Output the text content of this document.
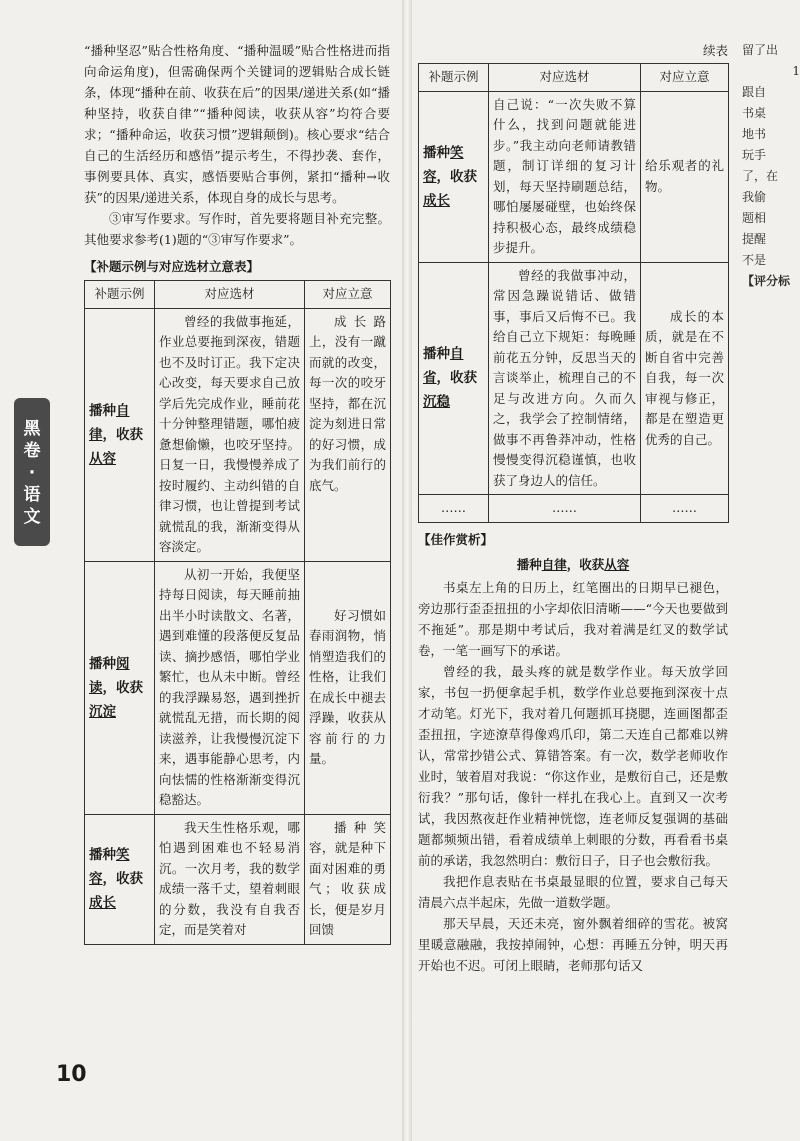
黑卷·语文

“播种坚忍”贴合性格角度、“播种温暖”贴合性格进而指向命运角度)，但需确保两个关键词的逻辑贴合成长链条，体现“播种在前、收获在后”的因果/递进关系(如“播种坚持，收获自律”“播种阅读，收获从容”均符合要求；“播种命运，收获习惯”逻辑颠倒)。核心要求“结合自己的生活经历和感悟”提示考生，不得抄袭、套作，事例要具体、真实，感悟要贴合事例，紧扣“播种→收获”的因果/递进关系，体现自身的成长与思考。

③审写作要求。写作时，首先要将题目补充完整。其他要求参考(1)题的“③审写作要求”。

【补题示例与对应选材立意表】
补题示例	对应选材	对应立意
播种自律，收获从容	曾经的我做事拖延，作业总要拖到深夜，错题也不及时订正。我下定决心改变，每天要求自己放学后先完成作业，睡前花十分钟整理错题，哪怕疲惫想偷懒，也咬牙坚持。日复一日，我慢慢养成了按时履约、主动纠错的自律习惯，也让曾提到考试就慌乱的我，渐渐变得从容淡定。	成长路上，没有一蹴而就的改变，每一次的咬牙坚持，都在沉淀为刻进日常的好习惯，成为我们前行的底气。
播种阅读，收获沉淀	从初一开始，我便坚持每日阅读，每天睡前抽出半小时读散文、名著，遇到难懂的段落便反复品读、摘抄感悟，哪怕学业繁忙，也从未中断。曾经的我浮躁易怒，遇到挫折就慌乱无措，而长期的阅读滋养，让我慢慢沉淀下来，遇事能静心思考，内向怯懦的性格渐渐变得沉稳豁达。	好习惯如春雨润物，悄悄塑造我们的性格，让我们在成长中褪去浮躁，收获从容前行的力量。
播种笑容，收获成长	我天生性格乐观，哪怕遇到困难也不轻易消沉。一次月考，我的数学成绩一落千丈，望着刺眼的分数，我没有自我否定，而是笑着对	播种笑容，就是种下面对困难的勇气；收获成长，便是岁月回馈
续表
补题示例	对应选材	对应立意
播种笑容，收获成长	自己说：“一次失败不算什么，找到问题就能进步。”我主动向老师请教错题，制订详细的复习计划，每天坚持刷题总结，哪怕屡屡碰壁，也始终保持积极心态，最终成绩稳步提升。	给乐观者的礼物。
播种自省，收获沉稳	曾经的我做事冲动，常因急躁说错话、做错事，事后又后悔不已。我给自己立下规矩：每晚睡前花五分钟，反思当天的言谈举止，梳理自己的不足与改进方向。久而久之，我学会了控制情绪，做事不再鲁莽冲动，性格慢慢变得沉稳谨慎，也收获了身边人的信任。	成长的本质，就是在不断自省中完善自我，每一次审视与修正，都是在塑造更优秀的自己。
……	……	……
【佳作赏析】
播种自律，收获从容

书桌左上角的日历上，红笔圈出的日期早已褪色，旁边那行歪歪扭扭的小字却依旧清晰——“今天也要做到不拖延”。那是期中考试后，我对着满是红叉的数学试卷，一笔一画写下的承诺。

曾经的我，最头疼的就是数学作业。每天放学回家，书包一扔便拿起手机，数学作业总要拖到深夜十点才动笔。灯光下，我对着几何题抓耳挠腮，连画图都歪歪扭扭，字迹潦草得像鸡爪印，第二天连自己都难以辨认，常常抄错公式、算错答案。有一次，数学老师收作业时，皱着眉对我说：“你这作业，是敷衍自己，还是敷衍我？”那句话，像针一样扎在我心上。直到又一次考试，我因熬夜赶作业精神恍惚，连老师反复强调的基础题都频频出错，看着成绩单上刺眼的分数，再看看书桌前的承诺，我忽然明白：敷衍日子，日子也会敷衍我。

我把作息表贴在书桌最显眼的位置，要求自己每天清晨六点半起床，先做一道数学题。

那天早晨，天还未亮，窗外飘着细碎的雪花。被窝里暖意融融，我按掉闹钟，心想：再睡五分钟，明天再开始也不迟。可闭上眼睛，老师那句话又

留了出
1
跟自
书桌
地书
玩手
了，在
我偷
题相
提醒
不是
【评分标
10
